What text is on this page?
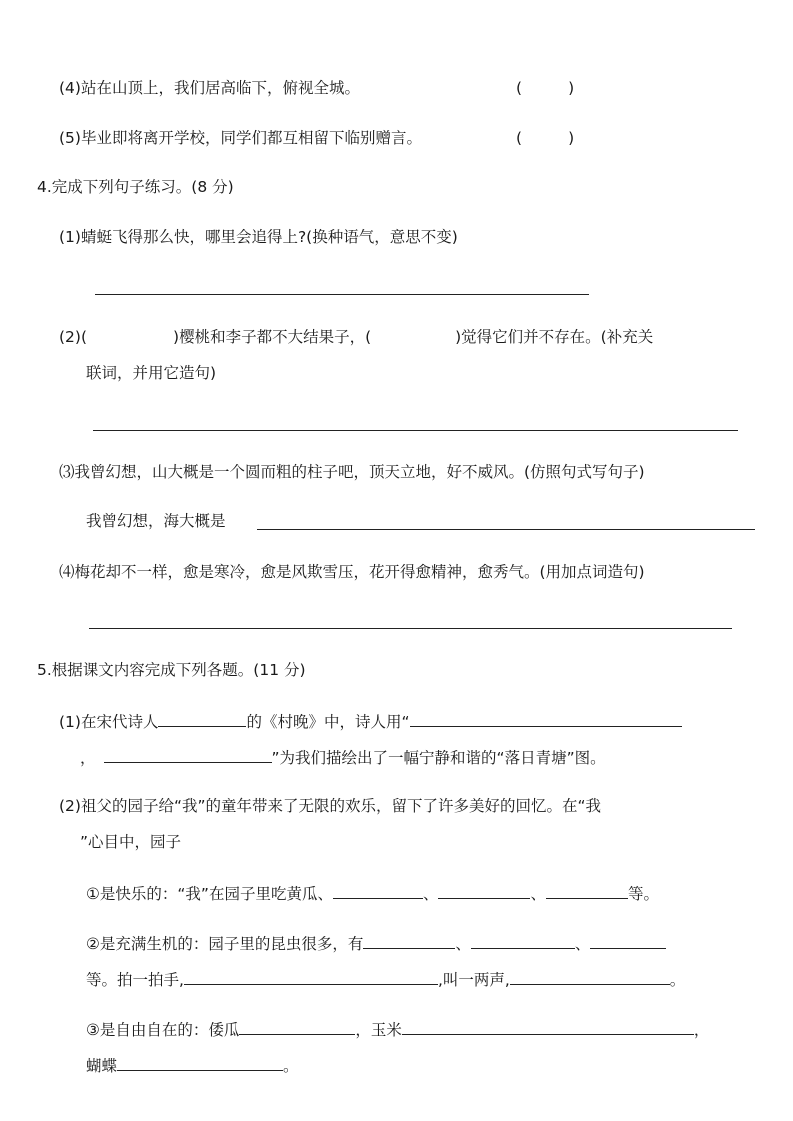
(4)站在山顶上，我们居高临下，俯视全城。	(	)
(5)毕业即将离开学校，同学们都互相留下临别赠言。	(	)
4.完成下列句子练习。(8 分)
(1)蜻蜓飞得那么快，哪里会追得上?(换种语气，意思不变)
(2)(	)樱桃和李子都不大结果子，(	)觉得它们并不存在。(补充关
联词，并用它造句)
⑶我曾幻想，山大概是一个圆而粗的柱子吧，顶天立地，好不威风。(仿照句式写句子)
我曾幻想，海大概是
⑷梅花却不一样，愈是寒冷，愈是风欺雪压，花开得愈精神，愈秀气。(用加点词造句)
5.根据课文内容完成下列各题。(11 分)
(1)在宋代诗人	的《村晚》中，诗人用“
，	”为我们描绘出了一幅宁静和谐的“落日青塘”图。
(2)祖父的园子给“我”的童年带来了无限的欢乐，留下了许多美好的回忆。在“我
”心目中，园子
①是快乐的：“我”在园子里吃黄瓜、	、	、	等。
②是充满生机的：园子里的昆虫很多，有	、	、
等。拍一拍手,	,叫一两声,	。
③是自由自在的：倭瓜	，玉米	，
蝴蝶	。
